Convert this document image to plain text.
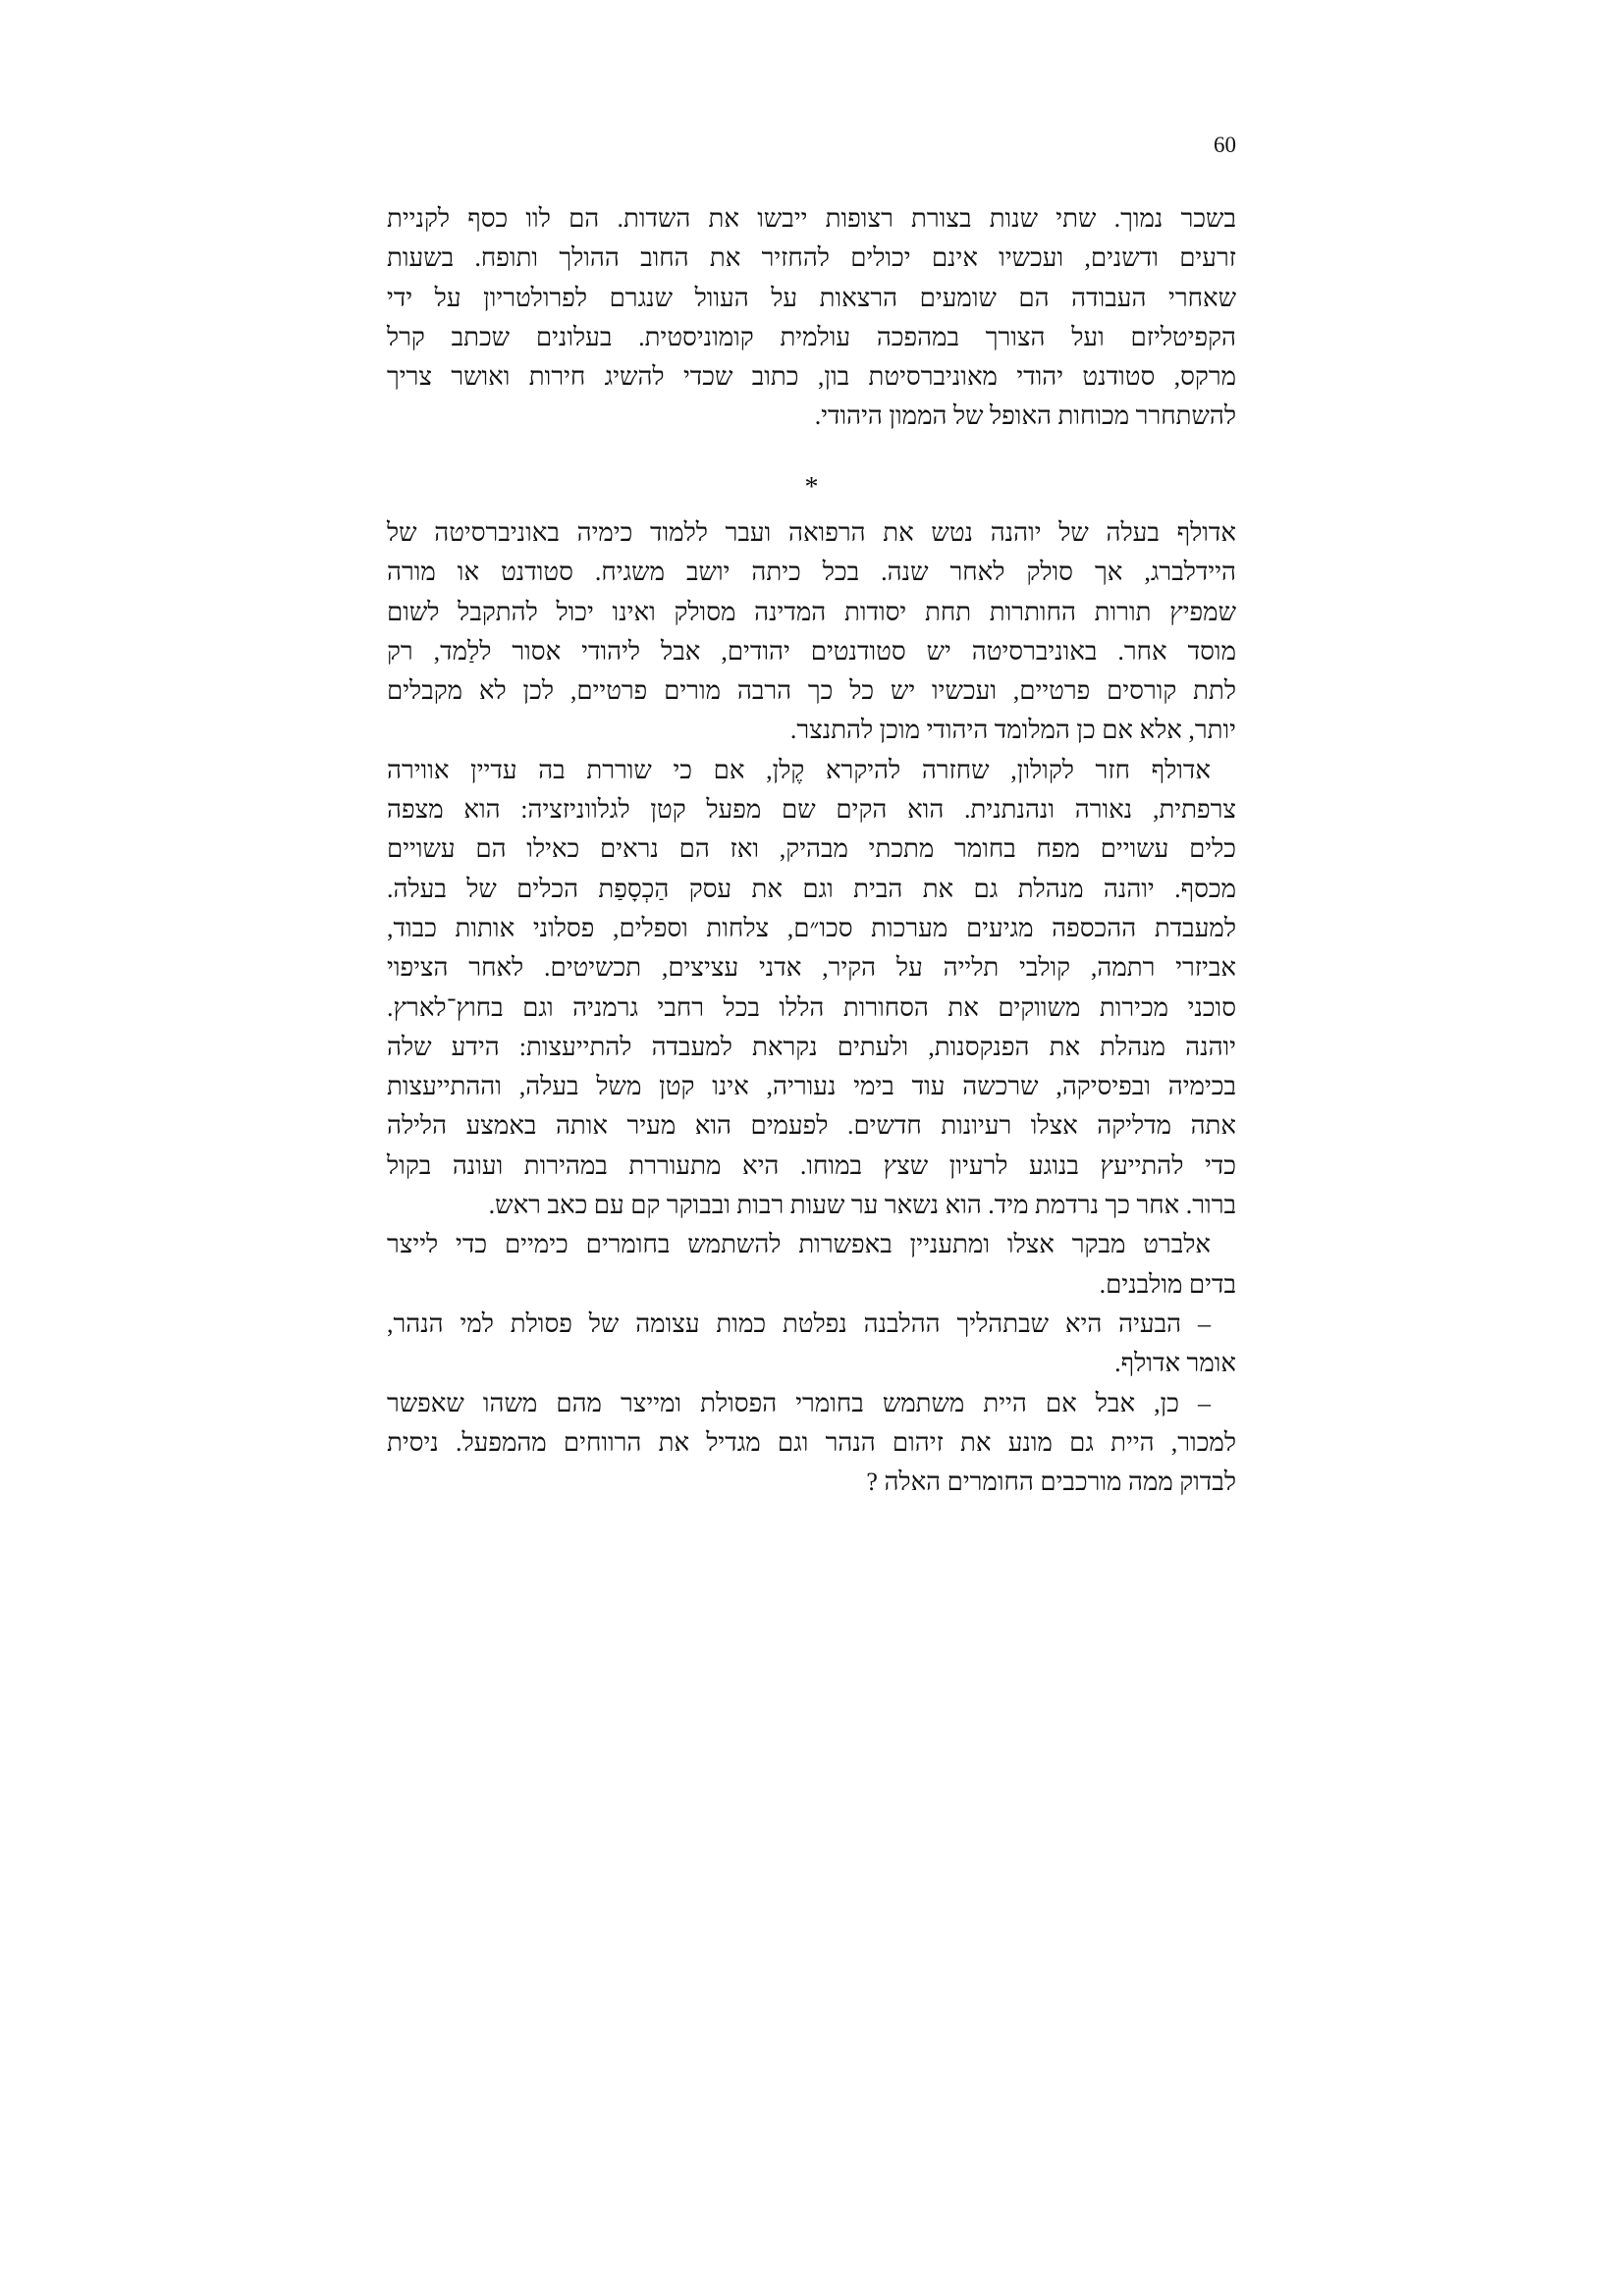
60
בשכר נמוך. שתי שנות בצורת רצופות ייבשו את השדות. הם לוו כסף לקניית
זרעים ודשנים, ועכשיו אינם יכולים להחזיר את החוב ההולך ותופח. בשעות
שאחרי העבודה הם שומעים הרצאות על העוול שנגרם לפרולטריון על ידי
הקפיטליזם ועל הצורך במהפכה עולמית קומוניסטית. בעלונים שכתב קרל
מרקס, סטודנט יהודי מאוניברסיטת בון, כתוב שכדי להשיג חירות ואושר צריך
להשתחרר מכוחות האופל של הממון היהודי.
*
אדולף בעלה של יוהנה נטש את הרפואה ועבר ללמוד כימיה באוניברסיטה של
היידלברג, אך סולק לאחר שנה. בכל כיתה יושב משגיח. סטודנט או מורה
שמפיץ תורות החותרות תחת יסודות המדינה מסולק ואינו יכול להתקבל לשום
מוסד אחר. באוניברסיטה יש סטודנטים יהודים, אבל ליהודי אסור ללַמד, רק
לתת קורסים פרטיים, ועכשיו יש כל כך הרבה מורים פרטיים, לכן לא מקבלים
יותר, אלא אם כן המלומד היהודי מוכן להתנצר.
אדולף חזר לקולון, שחזרה להיקרא קֶלן, אם כי שוררת בה עדיין אווירה
צרפתית, נאורה ונהנתנית. הוא הקים שם מפעל קטן לגלווניזציה: הוא מצפה
כלים עשויים מפח בחומר מתכתי מבהיק, ואז הם נראים כאילו הם עשויים
מכסף. יוהנה מנהלת גם את הבית וגם את עסק הַכְסָפַת הכלים של בעלה.
למעבדת ההכספה מגיעים מערכות סכו״ם, צלחות וספלים, פסלוני אותות כבוד,
אביזרי רתמה, קולבי תלייה על הקיר, אדני עציצים, תכשיטים. לאחר הציפוי
סוכני מכירות משווקים את הסחורות הללו בכל רחבי גרמניה וגם בחוץ־לארץ.
יוהנה מנהלת את הפנקסנות, ולעתים נקראת למעבדה להתייעצות: הידע שלה
בכימיה ובפיסיקה, שרכשה עוד בימי נעוריה, אינו קטן משל בעלה, וההתייעצות
אתה מדליקה אצלו רעיונות חדשים. לפעמים הוא מעיר אותה באמצע הלילה
כדי להתייעץ בנוגע לרעיון שצץ במוחו. היא מתעוררת במהירות ועונה בקול
ברור. אחר כך נרדמת מיד. הוא נשאר ער שעות רבות ובבוקר קם עם כאב ראש.
אלברט מבקר אצלו ומתעניין באפשרות להשתמש בחומרים כימיים כדי לייצר
בדים מולבנים.
– הבעיה היא שבתהליך ההלבנה נפלטת כמות עצומה של פסולת למי הנהר,
אומר אדולף.
– כן, אבל אם היית משתמש בחומרי הפסולת ומייצר מהם משהו שאפשר
למכור, היית גם מונע את זיהום הנהר וגם מגדיל את הרווחים מהמפעל. ניסית
לבדוק ממה מורכבים החומרים האלה ?
